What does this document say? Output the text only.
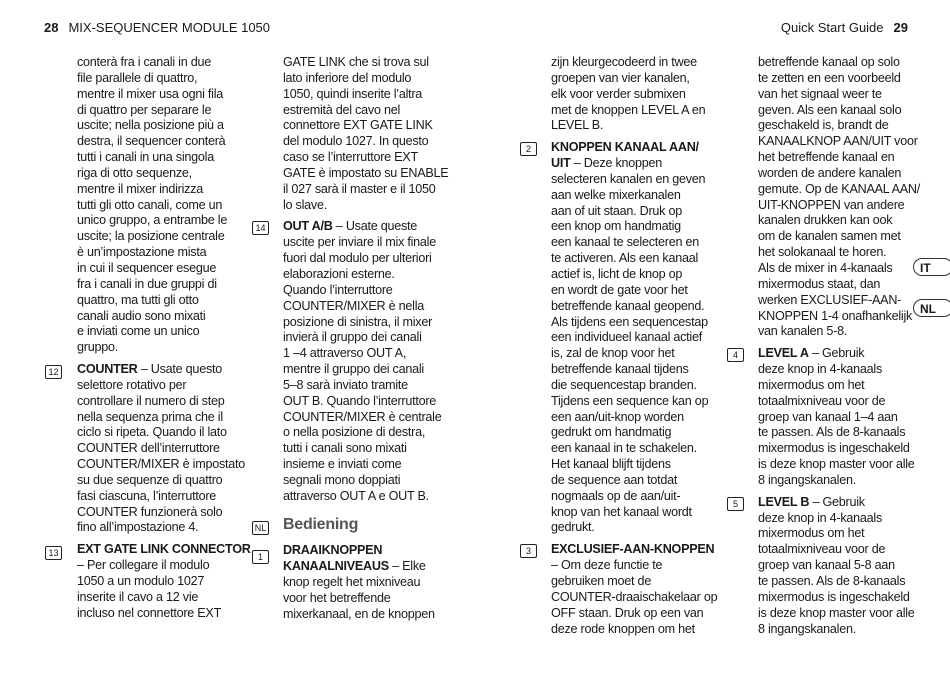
28 MIX-SEQUENCER MODULE 1050	Quick Start Guide 29
IT
NL

conterà fra i canali in due

file parallele di quattro,

mentre il mixer usa ogni fila

di quattro per separare le

uscite; nella posizione più a

destra, il sequencer conterà

tutti i canali in una singola

riga di otto sequenze,

mentre il mixer indirizza

tutti gli otto canali, come un

unico gruppo, a entrambe le

uscite; la posizione centrale

è un’impostazione mista

in cui il sequencer esegue

fra i canali in due gruppi di

quattro, ma tutti gli otto

canali audio sono mixati

e inviati come un unico

gruppo.

COUNTER – Usate questo

selettore rotativo per

controllare il numero di step

nella sequenza prima che il

ciclo si ripeta. Quando il lato

COUNTER dell’interruttore

COUNTER/MIXER è impostato

su due sequenze di quattro

fasi ciascuna, l’interruttore

COUNTER funzionerà solo

fino all’impostazione 4.

EXT GATE LINK CONNECTOR

– Per collegare il modulo

1050 a un modulo 1027

inserite il cavo a 12 vie

incluso nel connettore EXT

12
13

GATE LINK che si trova sul

lato inferiore del modulo

1050, quindi inserite l’altra

estremità del cavo nel

connettore EXT GATE LINK

del modulo 1027. In questo

caso se l’interruttore EXT

GATE è impostato su ENABLE

il 027 sarà il master e il 1050

lo slave.

OUT A/B – Usate queste

uscite per inviare il mix finale

fuori dal modulo per ulteriori

elaborazioni esterne.

Quando l’interruttore

COUNTER/MIXER è nella

posizione di sinistra, il mixer

invierà il gruppo dei canali

1 –4 attraverso OUT A,

mentre il gruppo dei canali

5–8 sarà inviato tramite

OUT B. Quando l’interruttore

COUNTER/MIXER è centrale

o nella posizione di destra,

tutti i canali sono mixati

insieme e inviati come

segnali mono doppiati

attraverso OUT A e OUT B.

Bediening

DRAAIKNOPPEN

KANAALNIVEAUS – Elke

knop regelt het mixniveau

voor het betreffende

mixerkanaal, en de knoppen

14
NL
1

zijn kleurgecodeerd in twee

groepen van vier kanalen,

elk voor verder submixen

met de knoppen LEVEL A en

LEVEL B.

KNOPPEN KANAAL AAN/

UIT – Deze knoppen

selecteren kanalen en geven

aan welke mixerkanalen

aan of uit staan. Druk op

een knop om handmatig

een kanaal te selecteren en

te activeren. Als een kanaal

actief is, licht de knop op

en wordt de gate voor het

betreffende kanaal geopend.

Als tijdens een sequencestap

een individueel kanaal actief

is, zal de knop voor het

betreffende kanaal tijdens

die sequencestap branden.

Tijdens een sequence kan op

een aan/uit-knop worden

gedrukt om handmatig

een kanaal in te schakelen.

Het kanaal blijft tijdens

de sequence aan totdat

nogmaals op de aan/uit-

knop van het kanaal wordt

gedrukt.

EXCLUSIEF-AAN-KNOPPEN

– Om deze functie te

gebruiken moet de

COUNTER-draaischakelaar op

OFF staan. Druk op een van

deze rode knoppen om het

2
3

betreffende kanaal op solo

te zetten en een voorbeeld

van het signaal weer te

geven. Als een kanaal solo

geschakeld is, brandt de

KANAALKNOP AAN/UIT voor

het betreffende kanaal en

worden de andere kanalen

gemute. Op de KANAAL AAN/

UIT-KNOPPEN van andere

kanalen drukken kan ook

om de kanalen samen met

het solokanaal te horen.

Als de mixer in 4-kanaals

mixermodus staat, dan

werken EXCLUSIEF-AAN-

KNOPPEN 1-4 onafhankelijk

van kanalen 5-8.

LEVEL A – Gebruik

deze knop in 4-kanaals

mixermodus om het

totaalmixniveau voor de

groep van kanaal 1–4 aan

te passen. Als de 8-kanaals

mixermodus is ingeschakeld

is deze knop master voor alle

8 ingangskanalen.

LEVEL B – Gebruik

deze knop in 4-kanaals

mixermodus om het

totaalmixniveau voor de

groep van kanaal 5-8 aan

te passen. Als de 8-kanaals

mixermodus is ingeschakeld

is deze knop master voor alle

8 ingangskanalen.

4
5
